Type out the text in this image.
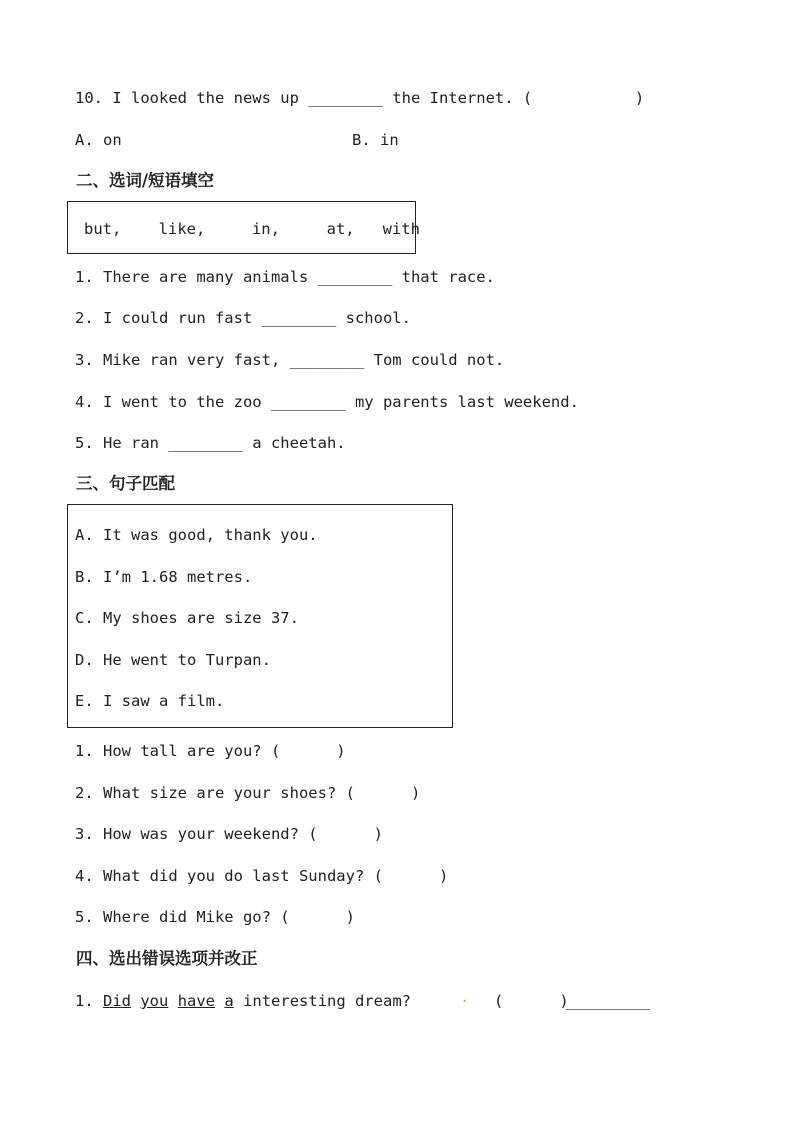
10. I looked the news up ________ the Internet. (           )
A. on	B. in
二、选词/短语填空
but,    like,     in,     at,   with
1. There are many animals ________ that race.
2. I could run fast ________ school.
3. Mike ran very fast, ________ Tom could not.
4. I went to the zoo ________ my parents last weekend.
5. He ran ________ a cheetah.
三、句子匹配
A. It was good, thank you.
B. I’m 1.68 metres.
C. My shoes are size 37.
D. He went to Turpan.
E. I saw a film.
1. How tall are you? (      )
2. What size are your shoes? (      )
3. How was your weekend? (      )
4. What did you do last Sunday? (      )
5. Where did Mike go? (      )
四、选出错误选项并改正
1. Did you have a interesting dream?	· (      )
_________
